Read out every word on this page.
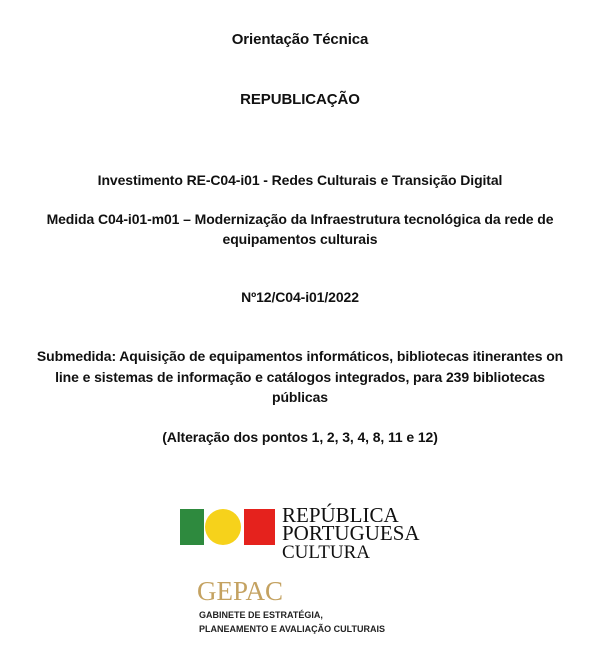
Orientação Técnica
REPUBLICAÇÃO
Investimento RE-C04-i01 - Redes Culturais e Transição Digital
Medida C04-i01-m01 – Modernização da Infraestrutura tecnológica da rede de
equipamentos culturais
Nº12/C04-i01/2022
Submedida: Aquisição de equipamentos informáticos, bibliotecas itinerantes on
line e sistemas de informação e catálogos integrados, para 239 bibliotecas
públicas
(Alteração dos pontos 1, 2, 3, 4, 8, 11 e 12)
REPÚBLICA
PORTUGUESA
CULTURA
GEPAC
GABINETE DE ESTRATÉGIA,
PLANEAMENTO E AVALIAÇÃO CULTURAIS
